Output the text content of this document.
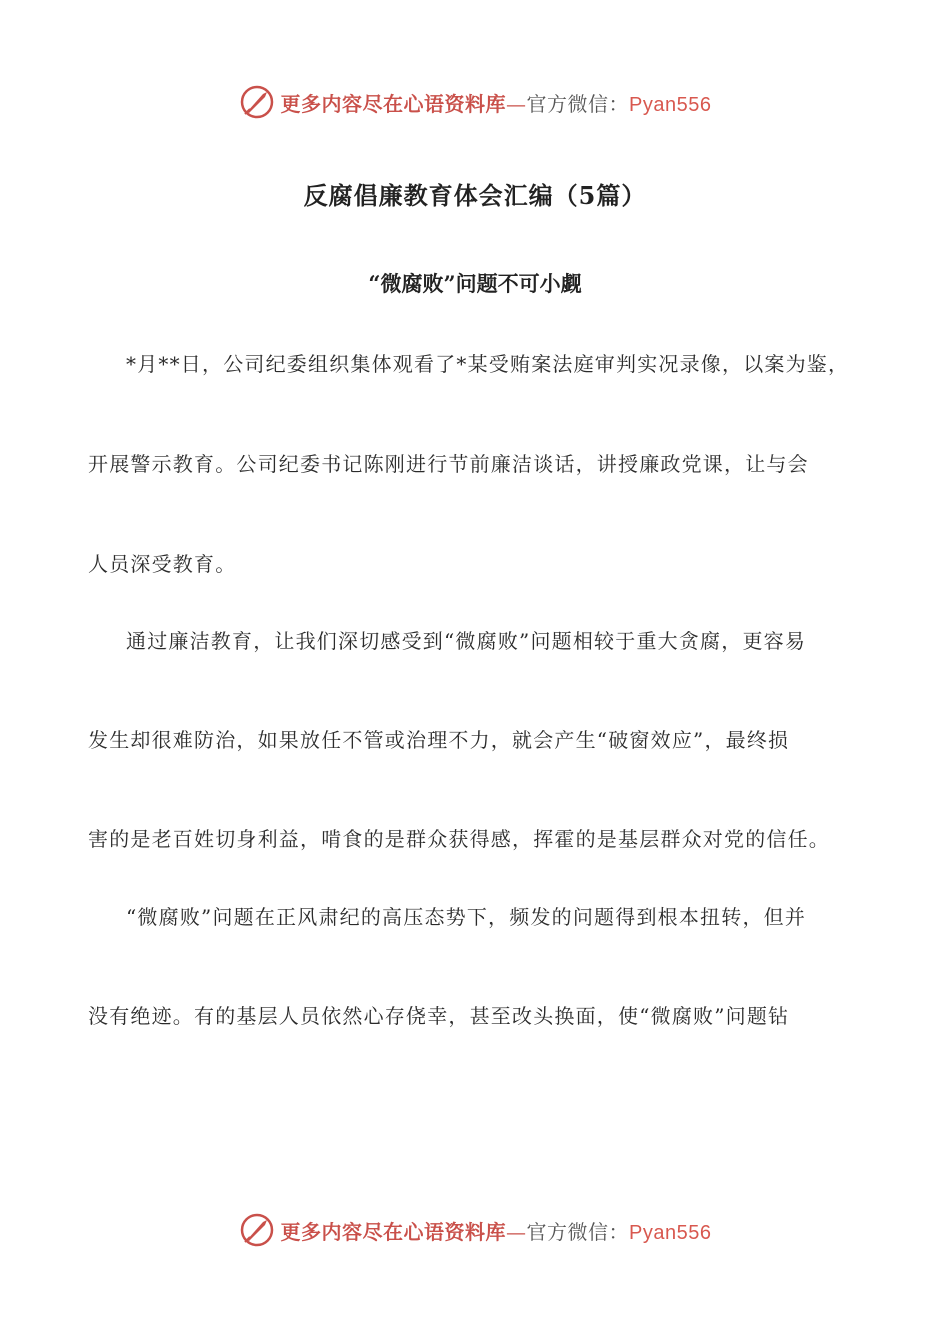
更多内容尽在心语资料库—官方微信：Pyan556
反腐倡廉教育体会汇编（5篇）
“微腐败”问题不可小觑
*月**日，公司纪委组织集体观看了*某受贿案法庭审判实况录像，以案为鉴，
开展警示教育。公司纪委书记陈刚进行节前廉洁谈话，讲授廉政党课，让与会
人员深受教育。
通过廉洁教育，让我们深切感受到“微腐败”问题相较于重大贪腐，更容易
发生却很难防治，如果放任不管或治理不力，就会产生“破窗效应”，最终损
害的是老百姓切身利益，啃食的是群众获得感，挥霍的是基层群众对党的信任。
“微腐败”问题在正风肃纪的高压态势下，频发的问题得到根本扭转，但并
没有绝迹。有的基层人员依然心存侥幸，甚至改头换面，使“微腐败”问题钻
更多内容尽在心语资料库—官方微信：Pyan556
